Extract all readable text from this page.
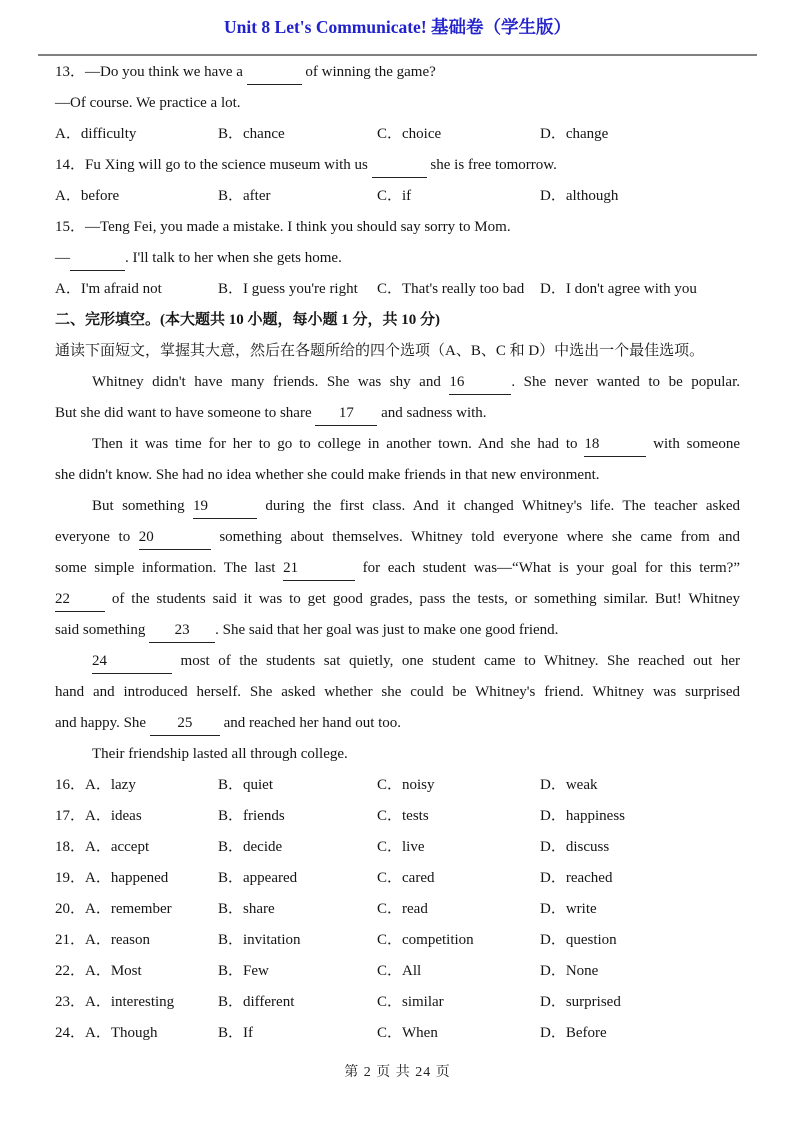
Unit 8 Let's Communicate! 基础卷（学生版）
13．—Do you think we have a	of winning the game?
—Of course. We practice a lot.
A．difficulty	B．chance	C．choice	D．change
14．Fu Xing will go to the science museum with us	she is free tomorrow.
A．before	B．after	C．if	D．although
15．—Teng Fei, you made a mistake. I think you should say sorry to Mom.
—	. I'll talk to her when she gets home.
A．I'm afraid not	B．I guess you're right C．That's really too bad D．I don't agree with you
二、完形填空。(本大题共 10 小题，每小题 1 分，共 10 分)
通读下面短文，掌握其大意，然后在各题所给的四个选项（A、B、C 和 D）中选出一个最佳选项。
Whitney didn't have many friends. She was shy and 16	. She never wanted to be popular.
But she did want to have someone to share 17 and sadness with.
Then it was time for her to go to college in another town. And she had to 18	with someone
she didn't know. She had no idea whether she could make friends in that new environment.
But something 19	during the first class. And it changed Whitney's life. The teacher asked
everyone to 20	something about themselves. Whitney told everyone where she came from and
some simple information. The last 21	for each student was—“What is your goal for this term?”
22 of the students said it was to get good grades, pass the tests, or something similar. But! Whitney
said something 23 . She said that her goal was just to make one good friend.
24	most of the students sat quietly, one student came to Whitney. She reached out her
hand and introduced herself. She asked whether she could be Whitney's friend. Whitney was surprised
and happy. She 25 and reached her hand out too.
Their friendship lasted all through college.
16． A．lazy	B．quiet	C．noisy	D．weak
17． A．ideas	B．friends	C．tests	D．happiness
18． A．accept	B．decide	C．live	D．discuss
19． A．happened	B．appeared	C．cared	D．reached
20． A．remember	B．share	C．read	D．write
21． A．reason	B．invitation	C．competition	D．question
22． A．Most	B．Few	C．All	D．None
23． A．interesting	B．different	C．similar	D．surprised
24． A．Though	B．If	C．When	D．Before
第 2 页 共 24 页
